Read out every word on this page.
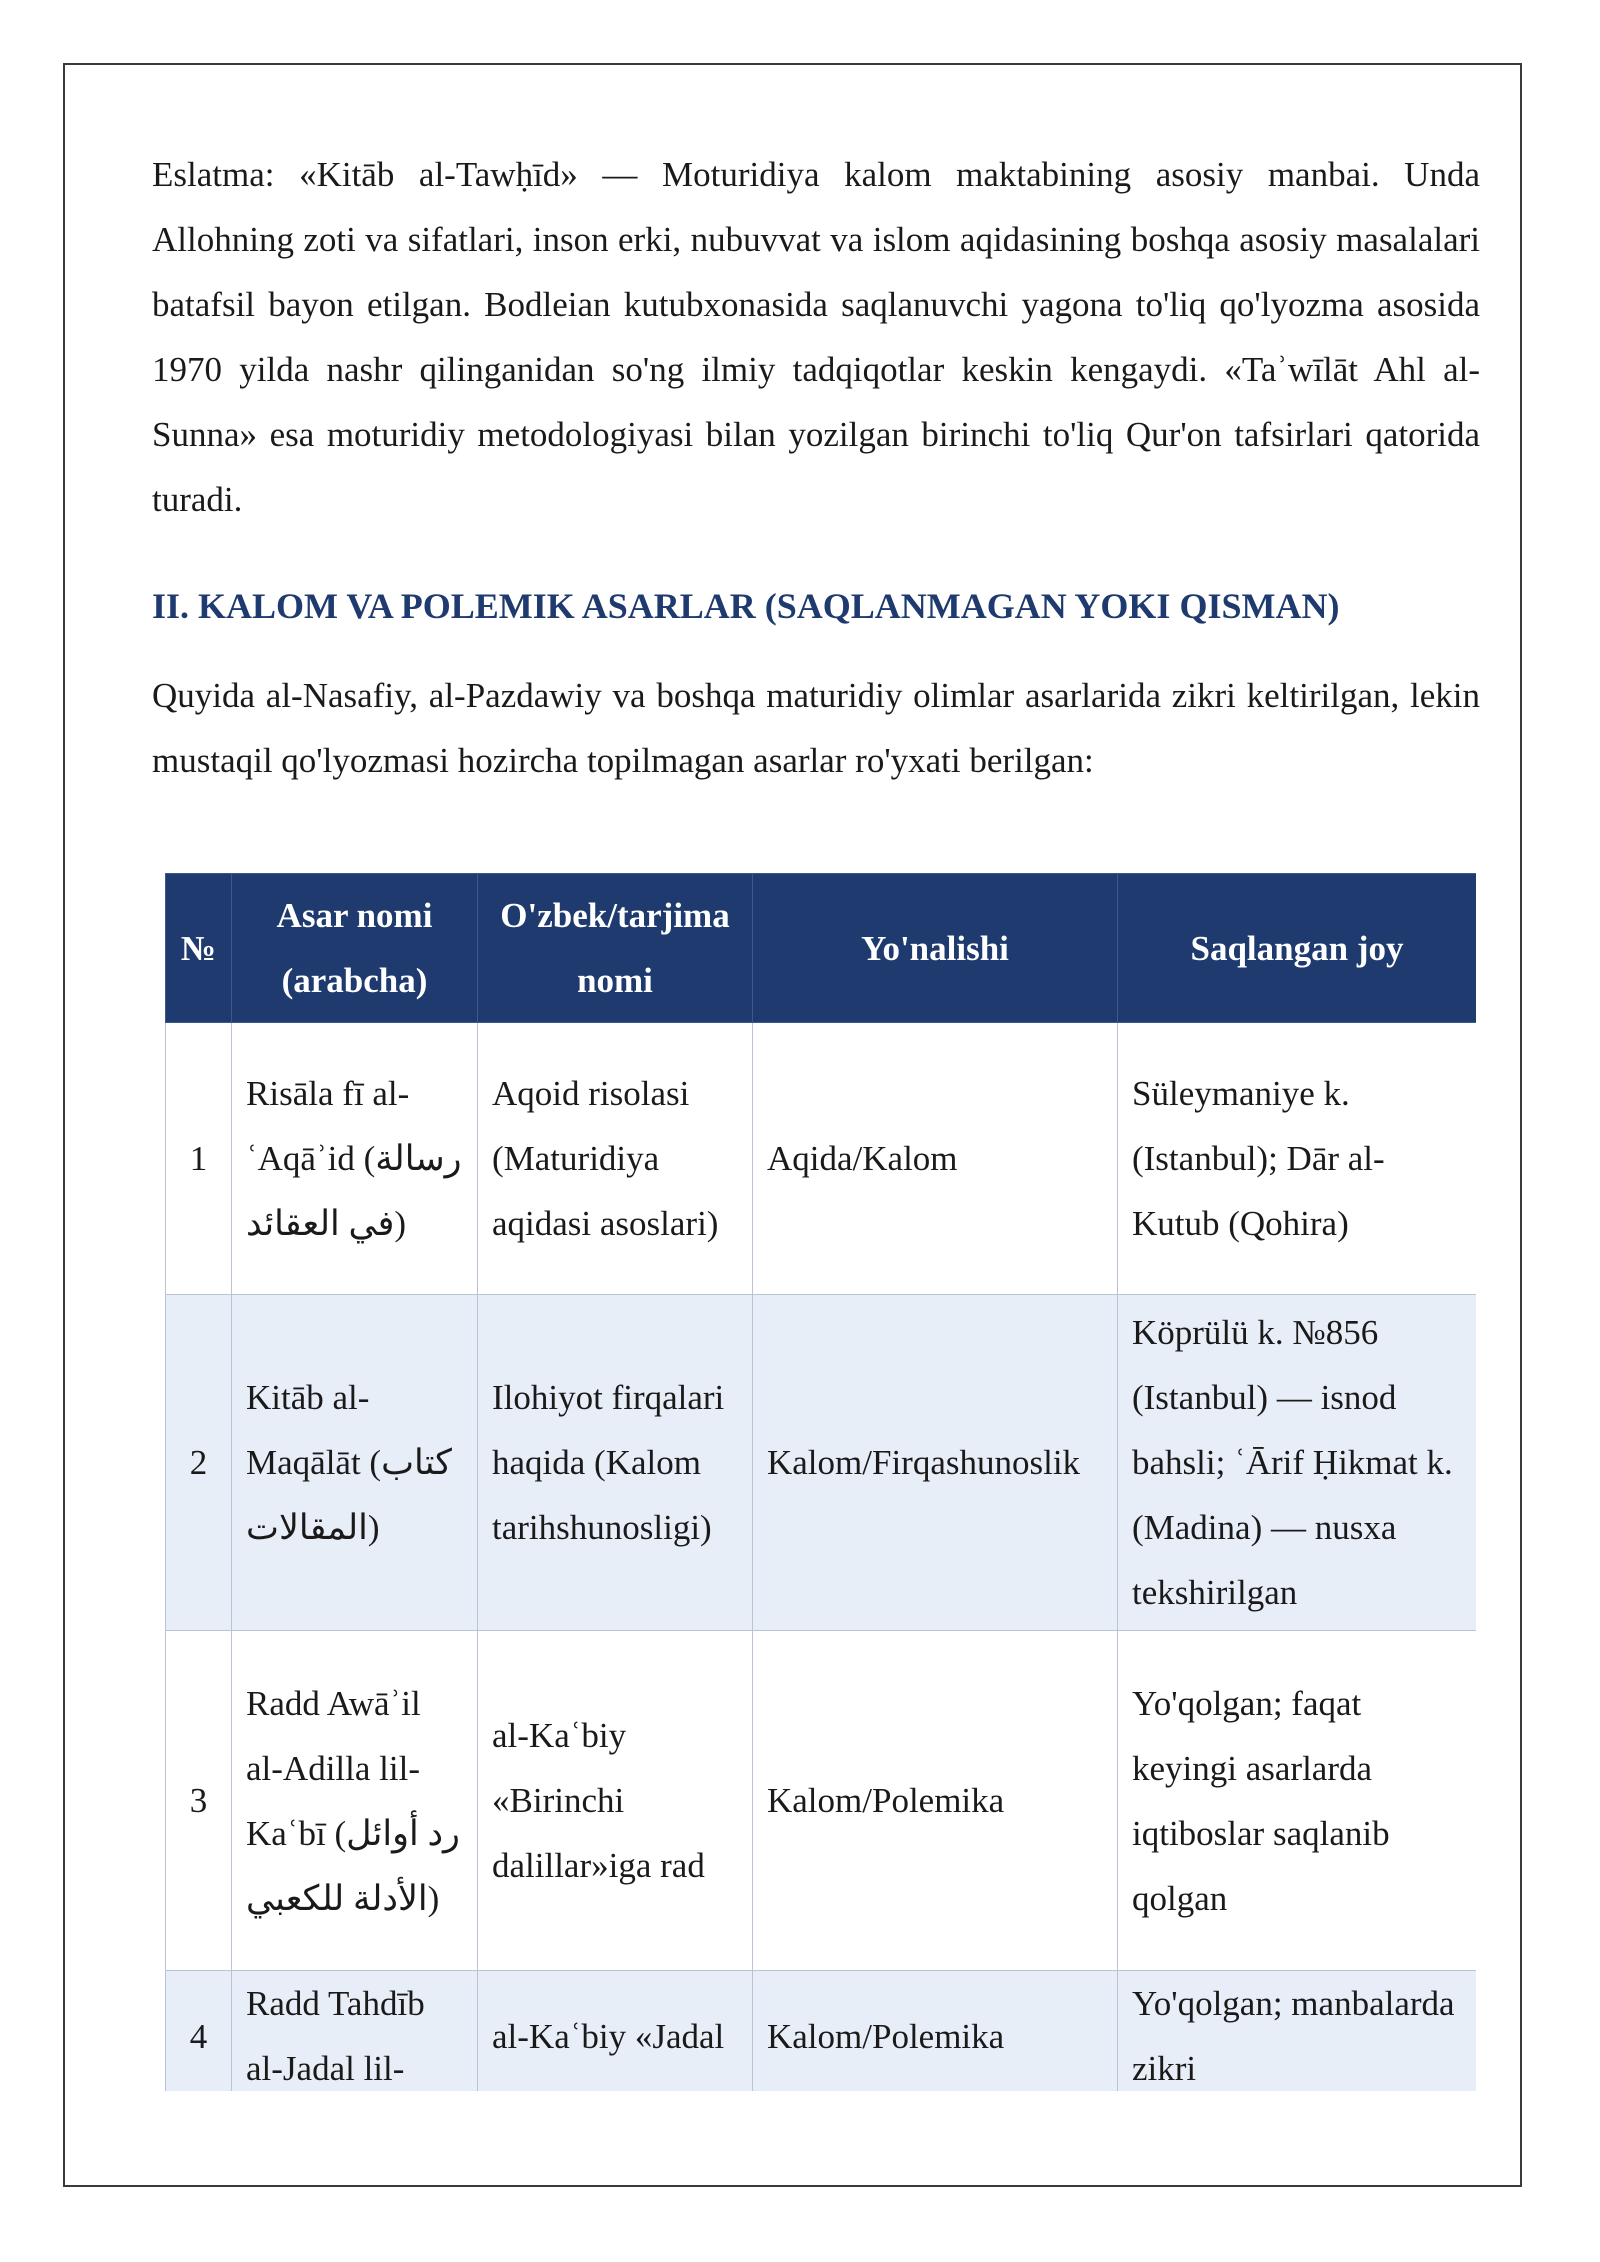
Eslatma: «Kitāb al-Tawḥīd» — Moturidiya kalom maktabining asosiy manbai. Unda Allohning zoti va sifatlari, inson erki, nubuvvat va islom aqidasining boshqa asosiy masalalari batafsil bayon etilgan. Bodleian kutubxonasida saqlanuvchi yagona to'liq qo'lyozma asosida 1970 yilda nashr qilinganidan so'ng ilmiy tadqiqotlar keskin kengaydi. «Taʾwīlāt Ahl al-Sunna» esa moturidiy metodologiyasi bilan yozilgan birinchi to'liq Qur'on tafsirlari qatorida turadi.

II. KALOM VA POLEMIK ASARLAR (SAQLANMAGAN YOKI QISMAN)

Quyida al-Nasafiy, al-Pazdawiy va boshqa maturidiy olimlar asarlarida zikri keltirilgan, lekin mustaqil qo'lyozmasi hozircha topilmagan asarlar ro'yxati berilgan:

№	Asar nomi (arabcha)	O'zbek/tarjima nomi	Yo'nalishi	Saqlangan joy
1	Risāla fī al-ʿAqāʾid (رسالة في العقائد)	Aqoid risolasi (Maturidiya aqidasi asoslari)	Aqida/Kalom	Süleymaniye k. (Istanbul); Dār al-Kutub (Qohira)
2	Kitāb al-Maqālāt (كتاب المقالات)	Ilohiyot firqalari haqida (Kalom tarihshunosligi)	Kalom/Firqashunoslik	Köprülü k. №856 (Istanbul) — isnod bahsli; ʿĀrif Ḥikmat k. (Madina) — nusxa tekshirilgan
3	Radd Awāʾil al-Adilla lil-Kaʿbī (رد أوائل الأدلة للكعبي)	al-Kaʿbiy «Birinchi dalillar»iga rad	Kalom/Polemika	Yo'qolgan; faqat keyingi asarlarda iqtiboslar saqlanib qolgan
4	Radd Tahdīb al-Jadal lil-	al-Kaʿbiy «Jadal	Kalom/Polemika	Yo'qolgan; manbalarda zikri
